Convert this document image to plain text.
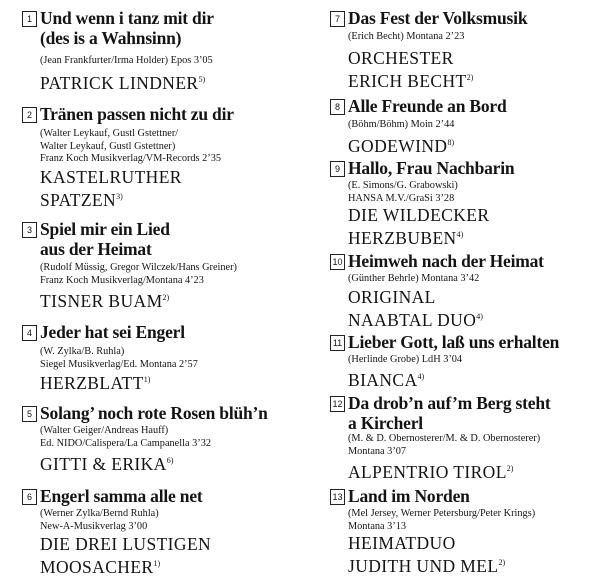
1 Und wenn i tanz mit dir
(des is a Wahnsinn)
(Jean Frankfurter/Irma Holder) Epos 3’05
PATRICK LINDNER$^{5)}$
2 Tränen passen nicht zu dir
(Walter Leykauf, Gustl Gstettner/
Walter Leykauf, Gustl Gstettner)
Franz Koch Musikverlag/VM-Records 2’35
KASTELRUTHER
SPATZEN$^{3)}$
3 Spiel mir ein Lied
aus der Heimat
(Rudolf Müssig, Gregor Wilczek/Hans Greiner)
Franz Koch Musikverlag/Montana 4’23
TISNER BUAM$^{2)}$
4 Jeder hat sei Engerl
(W. Zylka/B. Ruhla)
Siegel Musikverlag/Ed. Montana 2’57
HERZBLATT$^{1)}$
5 Solang’ noch rote Rosen blüh’n
(Walter Geiger/Andreas Hauff)
Ed. NIDO/Calispera/La Campanella 3’32
GITTI & ERIKA$^{6)}$
6 Engerl samma alle net
(Werner Zylka/Bernd Ruhla)
New-A-Musikverlag 3’00
DIE DREI LUSTIGEN
MOOSACHER$^{1)}$
7 Das Fest der Volksmusik
(Erich Becht) Montana 2’23
ORCHESTER
ERICH BECHT$^{2)}$
8 Alle Freunde an Bord
(Böhm/Böhm) Moin 2’44
GODEWIND$^{8)}$
9 Hallo, Frau Nachbarin
(E. Simons/G. Grabowski)
HANSA M.V./GraSi 3’28
DIE WILDECKER
HERZBUBEN$^{4)}$
10 Heimweh nach der Heimat
(Günther Behrle) Montana 3’42
ORIGINAL
NAABTAL DUO$^{4)}$
11 Lieber Gott, laß uns erhalten
(Herlinde Grobe) LdH 3’04
BIANCA$^{4)}$
12 Da drob’n auf’m Berg steht
a Kircherl
(M. & D. Obernosterer/M. & D. Obernosterer)
Montana 3’07
ALPENTRIO TIROL$^{2)}$
13 Land im Norden
(Mel Jersey, Werner Petersburg/Peter Krings)
Montana 3’13
HEIMATDUO
JUDITH UND MEL$^{2)}$
